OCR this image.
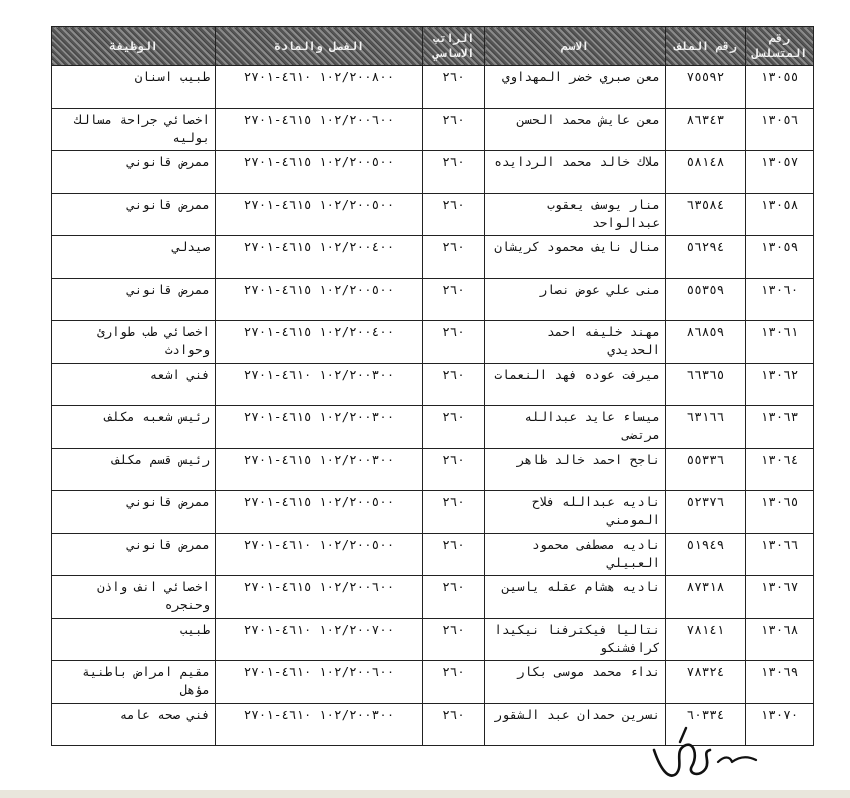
رقم المتسلسل	رقم الملف	الاسم	الراتب الاساسي	الفصل والمادة	الوظيفة
١٣٠٥٥	٧٥٥٩٢	معن صبري خضر المهداوي	٢٦٠	١٠٢/٢٠٠٨٠٠ ٤٦١٠-٢٧٠١	طبيب اسنان
١٣٠٥٦	٨٦٣٤٣	معن عايش محمد الحسن	٢٦٠	١٠٢/٢٠٠٦٠٠ ٤٦١٥-٢٧٠١	اخصائي جراحة مسالك بوليه
١٣٠٥٧	٥٨١٤٨	ملاك خالد محمد الردايده	٢٦٠	١٠٢/٢٠٠٥٠٠ ٤٦١٥-٢٧٠١	ممرض قانوني
١٣٠٥٨	٦٣٥٨٤	منار يوسف يعقوب عبدالواحد	٢٦٠	١٠٢/٢٠٠٥٠٠ ٤٦١٥-٢٧٠١	ممرض قانوني
١٣٠٥٩	٥٦٢٩٤	منال نايف محمود كريشان	٢٦٠	١٠٢/٢٠٠٤٠٠ ٤٦١٥-٢٧٠١	صيدلي
١٣٠٦٠	٥٥٣٥٩	منى علي عوض نصار	٢٦٠	١٠٢/٢٠٠٥٠٠ ٤٦١٥-٢٧٠١	ممرض قانوني
١٣٠٦١	٨٦٨٥٩	مهند خليفه احمد الحديدي	٢٦٠	١٠٢/٢٠٠٤٠٠ ٤٦١٥-٢٧٠١	اخصائي طب طوارئ وحوادث
١٣٠٦٢	٦٦٣٦٥	ميرفت عوده فهد النعمات	٢٦٠	١٠٢/٢٠٠٣٠٠ ٤٦١٠-٢٧٠١	فني اشعه
١٣٠٦٣	٦٣١٦٦	ميساء عايد عبدالله مرتضى	٢٦٠	١٠٢/٢٠٠٣٠٠ ٤٦١٥-٢٧٠١	رئيس شعبه مكلف
١٣٠٦٤	٥٥٣٣٦	ناجح احمد خالد ظاهر	٢٦٠	١٠٢/٢٠٠٣٠٠ ٤٦١٥-٢٧٠١	رئيس قسم مكلف
١٣٠٦٥	٥٢٣٧٦	ناديه عبدالله فلاح المومني	٢٦٠	١٠٢/٢٠٠٥٠٠ ٤٦١٥-٢٧٠١	ممرض قانوني
١٣٠٦٦	٥١٩٤٩	ناديه مصطفى محمود العبيلي	٢٦٠	١٠٢/٢٠٠٥٠٠ ٤٦١٠-٢٧٠١	ممرض قانوني
١٣٠٦٧	٨٧٣١٨	ناديه هشام عقله ياسين	٢٦٠	١٠٢/٢٠٠٦٠٠ ٤٦١٥-٢٧٠١	اخصائي انف واذن وحنجره
١٣٠٦٨	٧٨١٤١	نتاليا فيكترفنا نيكيدا كرافشنكو	٢٦٠	١٠٢/٢٠٠٧٠٠ ٤٦١٠-٢٧٠١	طبيب
١٣٠٦٩	٧٨٣٢٤	نداء محمد موسى بكار	٢٦٠	١٠٢/٢٠٠٦٠٠ ٤٦١٠-٢٧٠١	مقيم امراض باطنية مؤهل
١٣٠٧٠	٦٠٣٣٤	نسرين حمدان عبد الشقور	٢٦٠	١٠٢/٢٠٠٣٠٠ ٤٦١٠-٢٧٠١	فني صحه عامه
